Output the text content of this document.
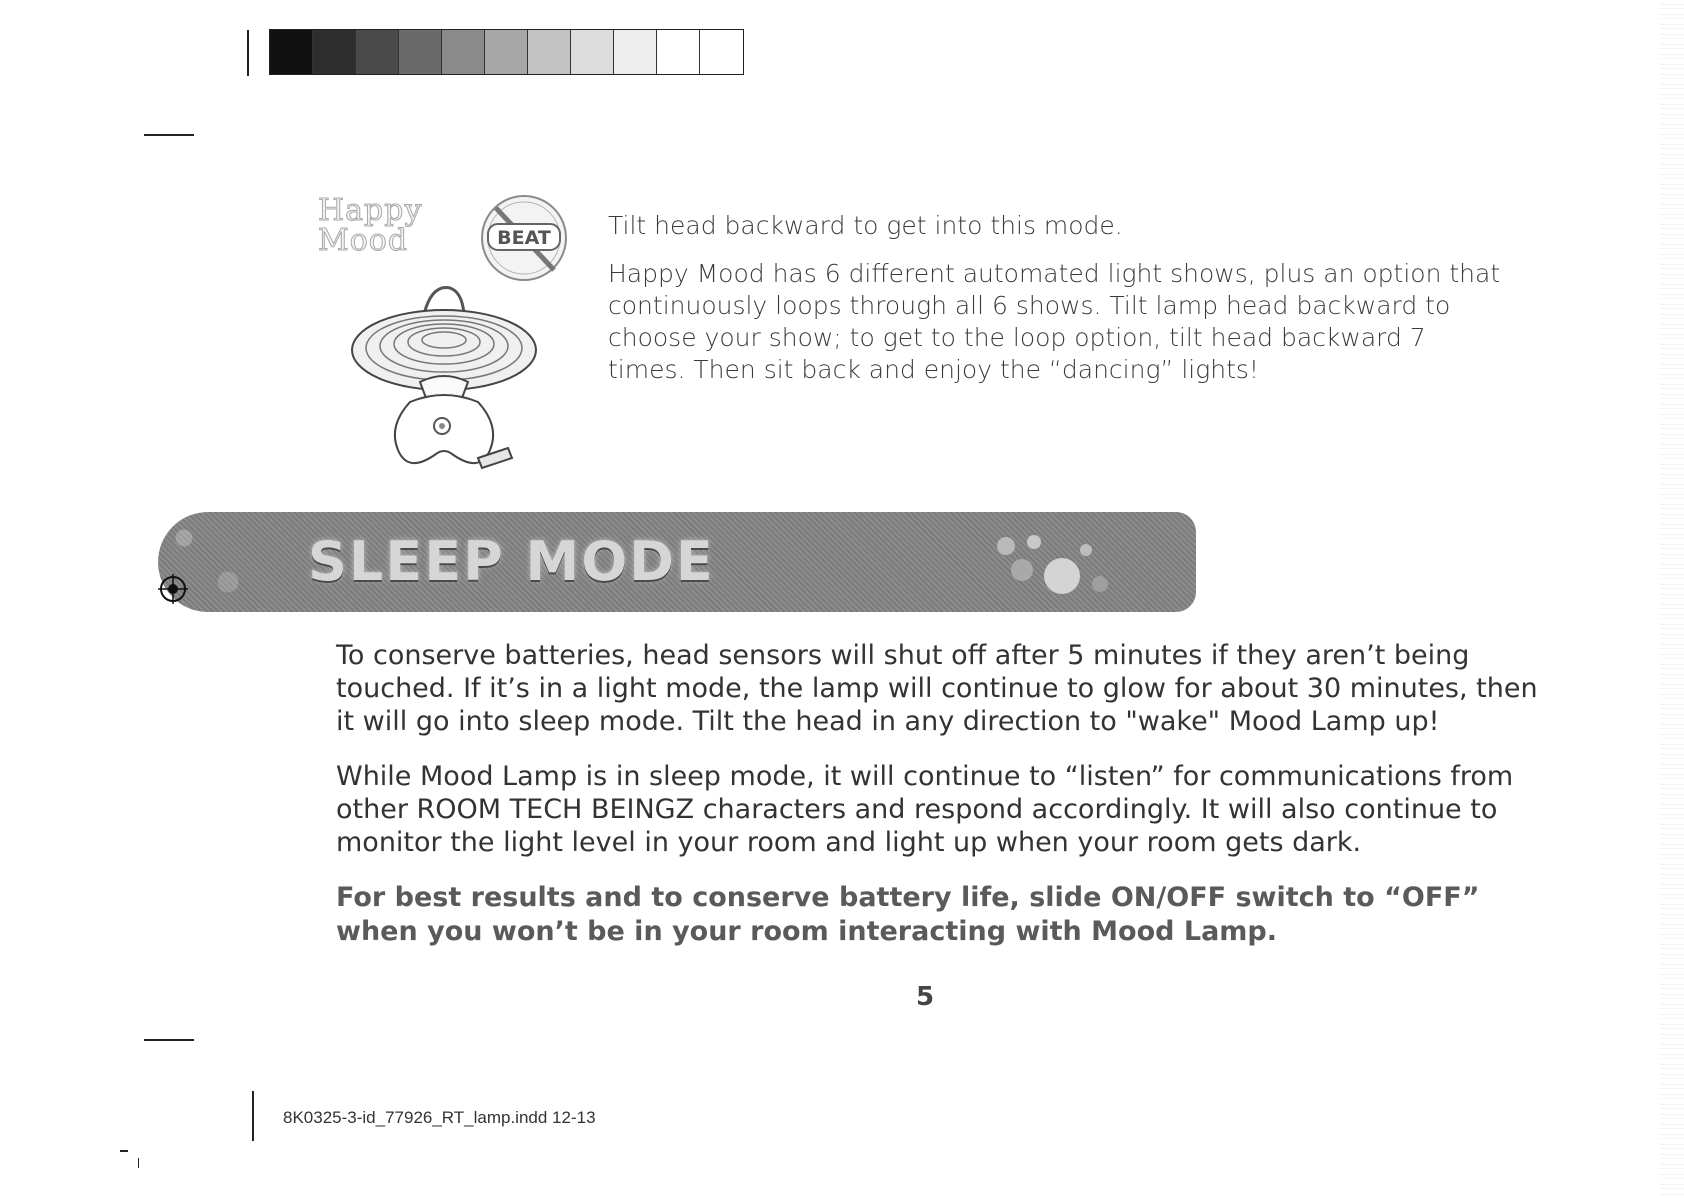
Happy
Mood	BEAT Tilt head backward to get into this mode.

Happy Mood has 6 different automated light shows, plus an option that continuously loops through all 6 shows. Tilt lamp head backward to choose your show; to get to the loop option, tilt head backward 7 times. Then sit back and enjoy the “dancing” lights!

SLEEP MODE

To conserve batteries, head sensors will shut off after 5 minutes if they aren’t being touched. If it’s in a light mode, the lamp will continue to glow for about 30 minutes, then it will go into sleep mode. Tilt the head in any direction to "wake" Mood Lamp up!

While Mood Lamp is in sleep mode, it will continue to “listen” for communications from other ROOM TECH BEINGZ characters and respond accordingly. It will also continue to monitor the light level in your room and light up when your room gets dark.

For best results and to conserve battery life, slide ON/OFF switch to “OFF” when you won’t be in your room interacting with Mood Lamp.

5
8K0325-3-id_77926_RT_lamp.indd 12-13
